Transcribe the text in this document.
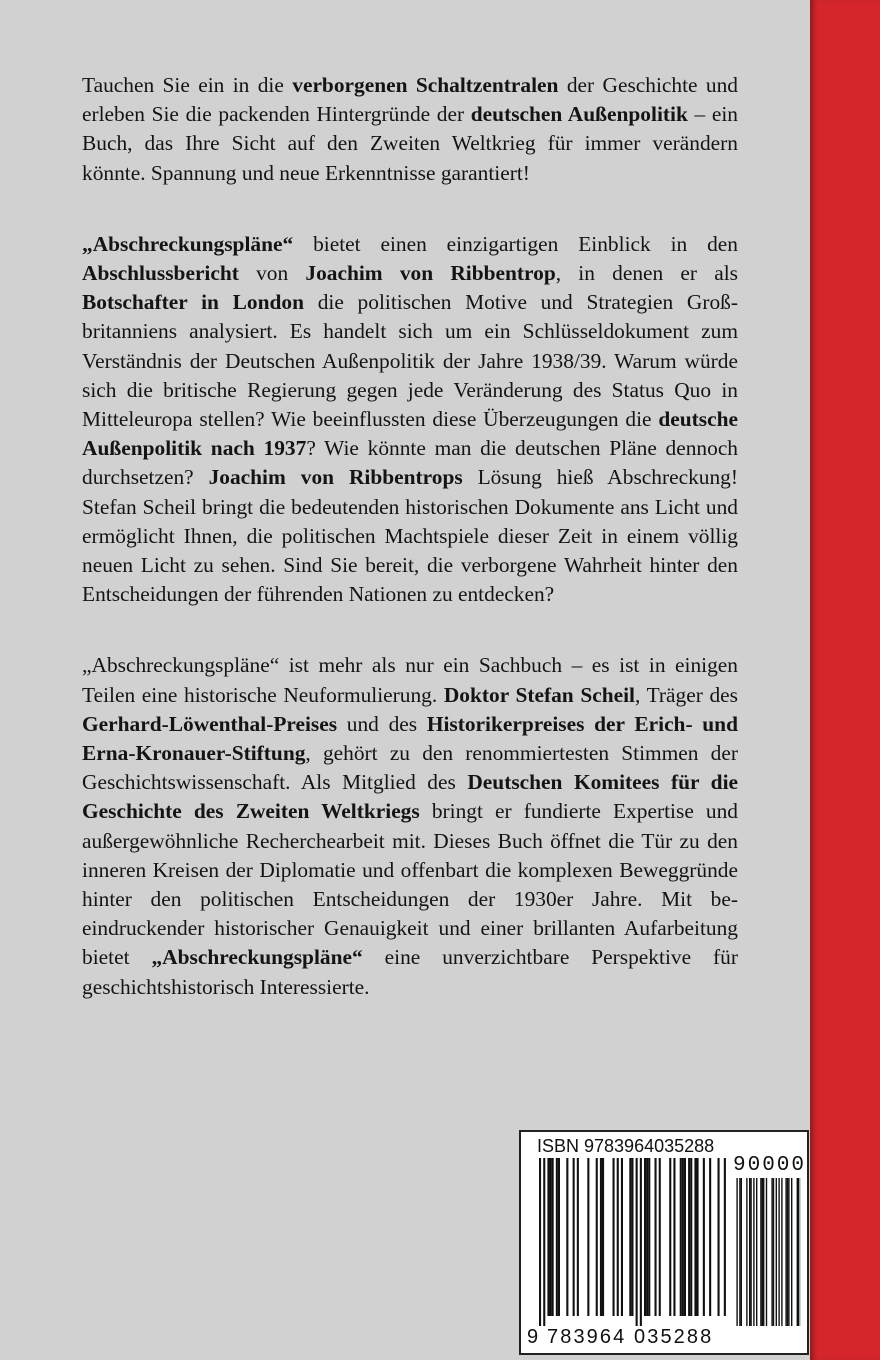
Tauchen Sie ein in die verborgenen Schaltzentralen der Geschichte und erleben Sie die packenden Hintergründe der deutschen Außenpolitik – ein Buch, das Ihre Sicht auf den Zweiten Weltkrieg für immer verändern könnte. Spannung und neue Erkenntnisse garantiert!

„Abschreckungspläne“ bietet einen einzigartigen Einblick in den Abschlussbericht von Joachim von Ribbentrop, in denen er als Botschafter in London die politischen Motive und Strategien Großbritanniens analysiert. Es handelt sich um ein Schlüsseldokument zum Verständnis der Deutschen Außenpolitik der Jahre 1938/39. Warum würde sich die britische Regierung gegen jede Veränderung des Status Quo in Mitteleuropa stellen? Wie beeinflussten diese Überzeugungen die deutsche Außenpolitik nach 1937? Wie könnte man die deutschen Pläne dennoch durchsetzen? Joachim von Ribbentrops Lösung hieß Abschreckung! Stefan Scheil bringt die bedeutenden historischen Dokumente ans Licht und ermöglicht Ihnen, die politischen Machtspiele dieser Zeit in einem völlig neuen Licht zu sehen. Sind Sie bereit, die verborgene Wahrheit hinter den Entscheidungen der führenden Nationen zu entdecken?

„Abschreckungspläne“ ist mehr als nur ein Sachbuch – es ist in einigen Teilen eine historische Neuformulierung. Doktor Stefan Scheil, Träger des Gerhard-Löwenthal-Preises und des Historikerpreises der Erich- und Erna-Kronauer-Stiftung, gehört zu den renommiertesten Stimmen der Geschichtswissenschaft. Als Mitglied des Deutschen Komitees für die Geschichte des Zweiten Weltkriegs bringt er fundierte Expertise und außergewöhnliche Recherchearbeit mit. Dieses Buch öffnet die Tür zu den inneren Kreisen der Diplomatie und offenbart die komplexen Beweggründe hinter den politischen Entscheidungen der 1930er Jahre. Mit beeindruckender historischer Genauigkeit und einer brillanten Aufarbeitung bietet „Abschreckungspläne“ eine unverzichtbare Perspektive für geschichtshistorisch Interessierte.

ISBN 9783964035288
90000
9 783964 035288
